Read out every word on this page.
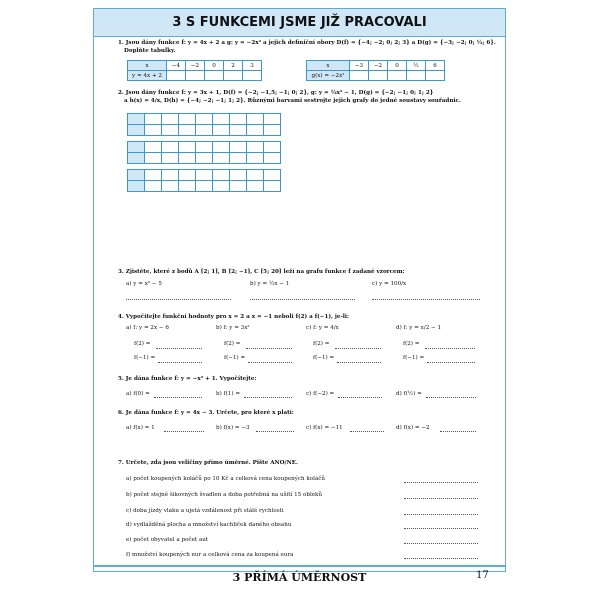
3 S FUNKCEMI JSME JIŽ PRACOVALI
1. Jsou dány funkce f: y = 4x + 2 a g: y = −2x² a jejich definiční obory D(f) = {−4; −2; 0; 2; 3} a D(g) = {−3; −2; 0; ½; 6}.
Doplňte tabulky.
x	−4	−2	0	2	3
y = 4x + 2					
x	−3	−2	0	½	6
g(x) = −2x²					
2. Jsou dány funkce f: y = 3x + 1, D(f) = {−2; −1,5; −1; 0; 2}, g: y = ½x² − 1, D(g) = {−2; −1; 0; 1; 2}
a h(x) = 4/x, D(h) = {−4; −2; −1; 1; 2}. Různými barvami sestrojte jejich grafy do jedné soustavy souřadnic.

3. Zjistěte, které z bodů A [2; 1], B [2; −1], C [5; 20] leží na grafu funkce f zadané vzorcem:
a) y = x² − 5	b) y = ½x − 1	c) y = 100/x
4. Vypočítejte funkční hodnoty pro x = 2 a x = −1 neboli f(2) a f(−1), je-li:
a) f: y = 2x − 6	b) f: y = 3x²	c) f: y = 4/x	d) f: y = x/2 − 1
f(2) =	f(2) =	f(2) =	f(2) =
f(−1) =	f(−1) =	f(−1) =	f(−1) =
5. Je dána funkce f: y = −x² + 1. Vypočítejte:
a) f(0) =	b) f(1) =	c) f(−2) =	d) f(½) =
6. Je dána funkce f: y = 4x − 3. Určete, pro které x platí:
a) f(x) = 1	b) f(x) = −3	c) f(x) = −11	d) f(x) = −2
7. Určete, zda jsou veličiny přímo úměrné. Pište ANO/NE.
a) počet koupených koláčů po 10 Kč a celková cena koupených koláčů
b) počet stejně šikovných švadlen a doba potřebná na ušití 15 obleků
c) doba jízdy vlaku a ujetá vzdálenost při stálé rychlosti
d) vydlážděná plocha a množství kachliček daného obsahu
e) počet obyvatel a počet aut
f) množství koupených eur a celková cena za koupená eura
3 PŘÍMÁ ÚMĚRNOST	17
